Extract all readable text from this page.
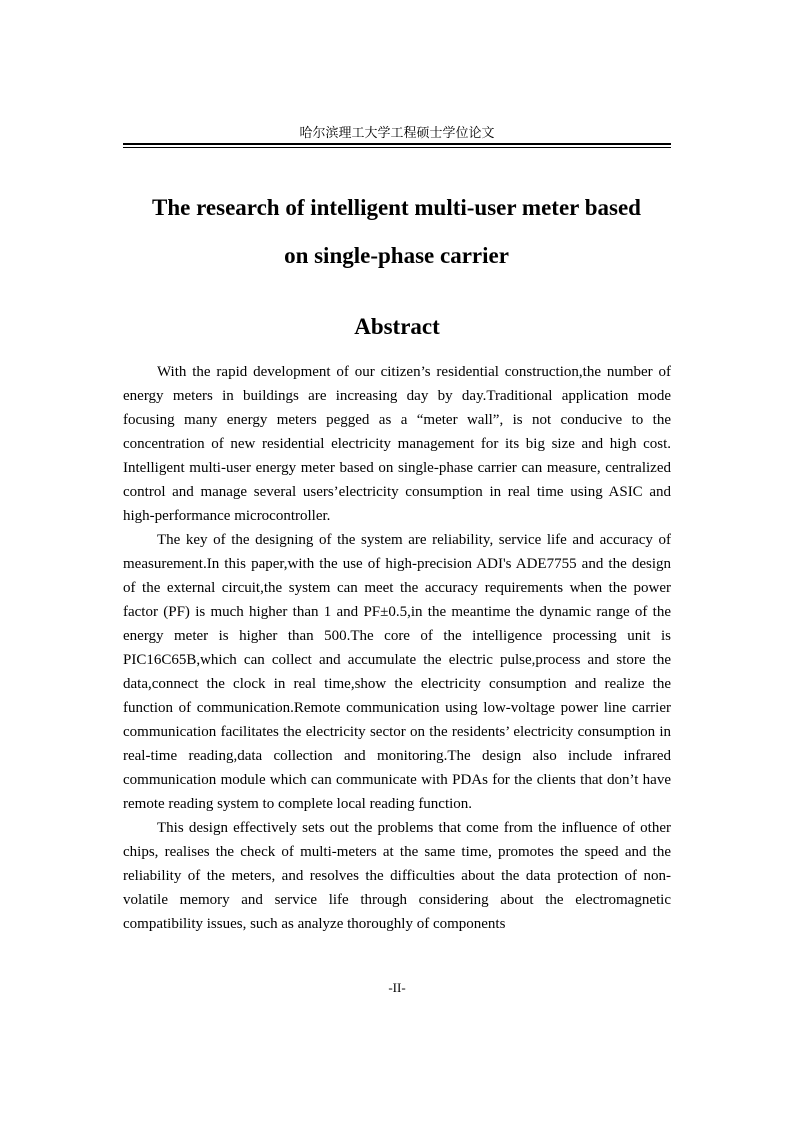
哈尔滨理工大学工程硕士学位论文
The research of intelligent multi-user meter based
on single-phase carrier
Abstract

With the rapid development of our citizen’s residential construction,the number of energy meters in buildings are increasing day by day.Traditional application mode focusing many energy meters pegged as a “meter wall”, is not conducive to the concentration of new residential electricity management for its big size and high cost. Intelligent multi-user energy meter based on single-phase carrier can measure, centralized control and manage several users’electricity consumption in real time using ASIC and high-performance microcontroller.

The key of the designing of the system are reliability, service life and accuracy of measurement.In this paper,with the use of high-precision ADI's ADE7755 and the design of the external circuit,the system can meet the accuracy requirements when the power factor (PF) is much higher than 1 and PF±0.5,in the meantime the dynamic range of the energy meter is higher than 500.The core of the intelligence processing unit is PIC16C65B,which can collect and accumulate the electric pulse,process and store the data,connect the clock in real time,show the electricity consumption and realize the function of communication.Remote communication using low-voltage power line carrier communication facilitates the electricity sector on the residents’ electricity consumption in real-time reading,data collection and monitoring.The design also include infrared communication module which can communicate with PDAs for the clients that don’t have remote reading system to complete local reading function.

This design effectively sets out the problems that come from the influence of other chips, realises the check of multi-meters at the same time, promotes the speed and the reliability of the meters, and resolves the difficulties about the data protection of non-volatile memory and service life through considering about the electromagnetic compatibility issues, such as analyze thoroughly of components

-II-
